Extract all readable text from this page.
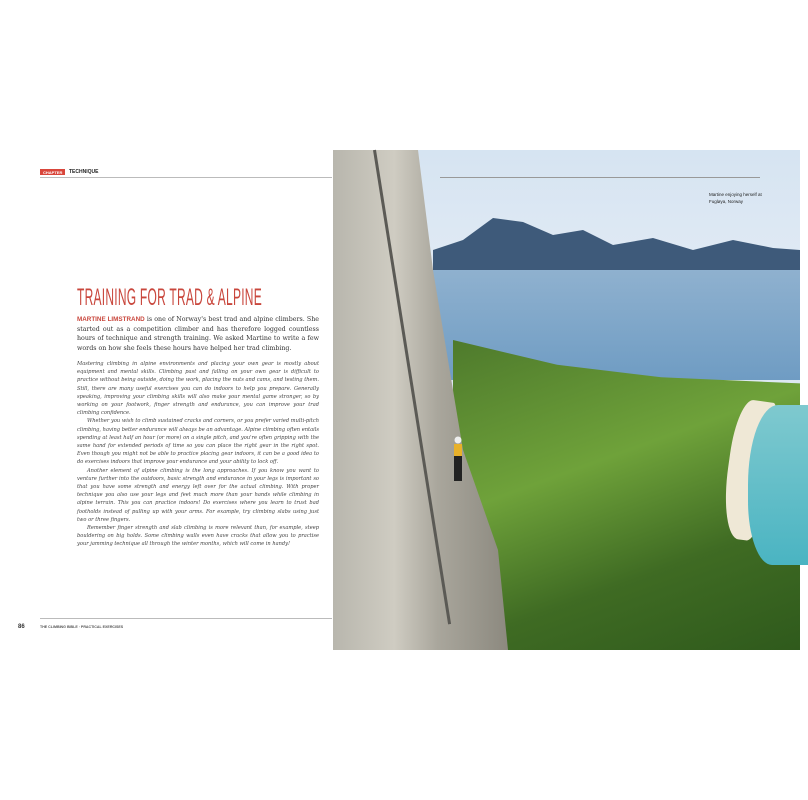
CHAPTER	TECHNIQUE
TRAINING FOR TRAD & ALPINE

MARTINE LIMSTRAND is one of Norway's best trad and alpine climbers. She started out as a competition climber and has therefore logged countless hours of technique and strength training. We asked Martine to write a few words on how she feels these hours have helped her trad climbing.

Mastering climbing in alpine environments and placing your own gear is mostly about equipment and mental skills. Climbing past and falling on your own gear is difficult to practice without being outside, doing the work, placing the nuts and cams, and testing them. Still, there are many useful exercises you can do indoors to help you prepare. Generally speaking, improving your climbing skills will also make your mental game stronger, so by working on your footwork, finger strength and endurance, you can improve your trad climbing confidence.

Whether you wish to climb sustained cracks and corners, or you prefer varied multi-pitch climbing, having better endurance will always be an advantage. Alpine climbing often entails spending at least half an hour (or more) on a single pitch, and you're often gripping with the same hand for extended periods of time so you can place the right gear in the right spot. Even though you might not be able to practice placing gear indoors, it can be a good idea to do exercises indoors that improve your endurance and your ability to lock off.

Another element of alpine climbing is the long approaches. If you know you want to venture further into the outdoors, basic strength and endurance in your legs is important so that you have some strength and energy left over for the actual climbing. With proper technique you also use your legs and feet much more than your hands while climbing in alpine terrain. This you can practice indoors! Do exercises where you learn to trust bad footholds instead of pulling up with your arms. For example, try climbing slabs using just two or three fingers.

Remember finger strength and slab climbing is more relevant than, for example, steep bouldering on big holds. Some climbing walls even have cracks that allow you to practise your jamming technique all through the winter months, which will come in handy!

86	THE CLIMBING BIBLE · PRACTICAL EXERCISES
Martine enjoying herself at Fugløya, Norway
